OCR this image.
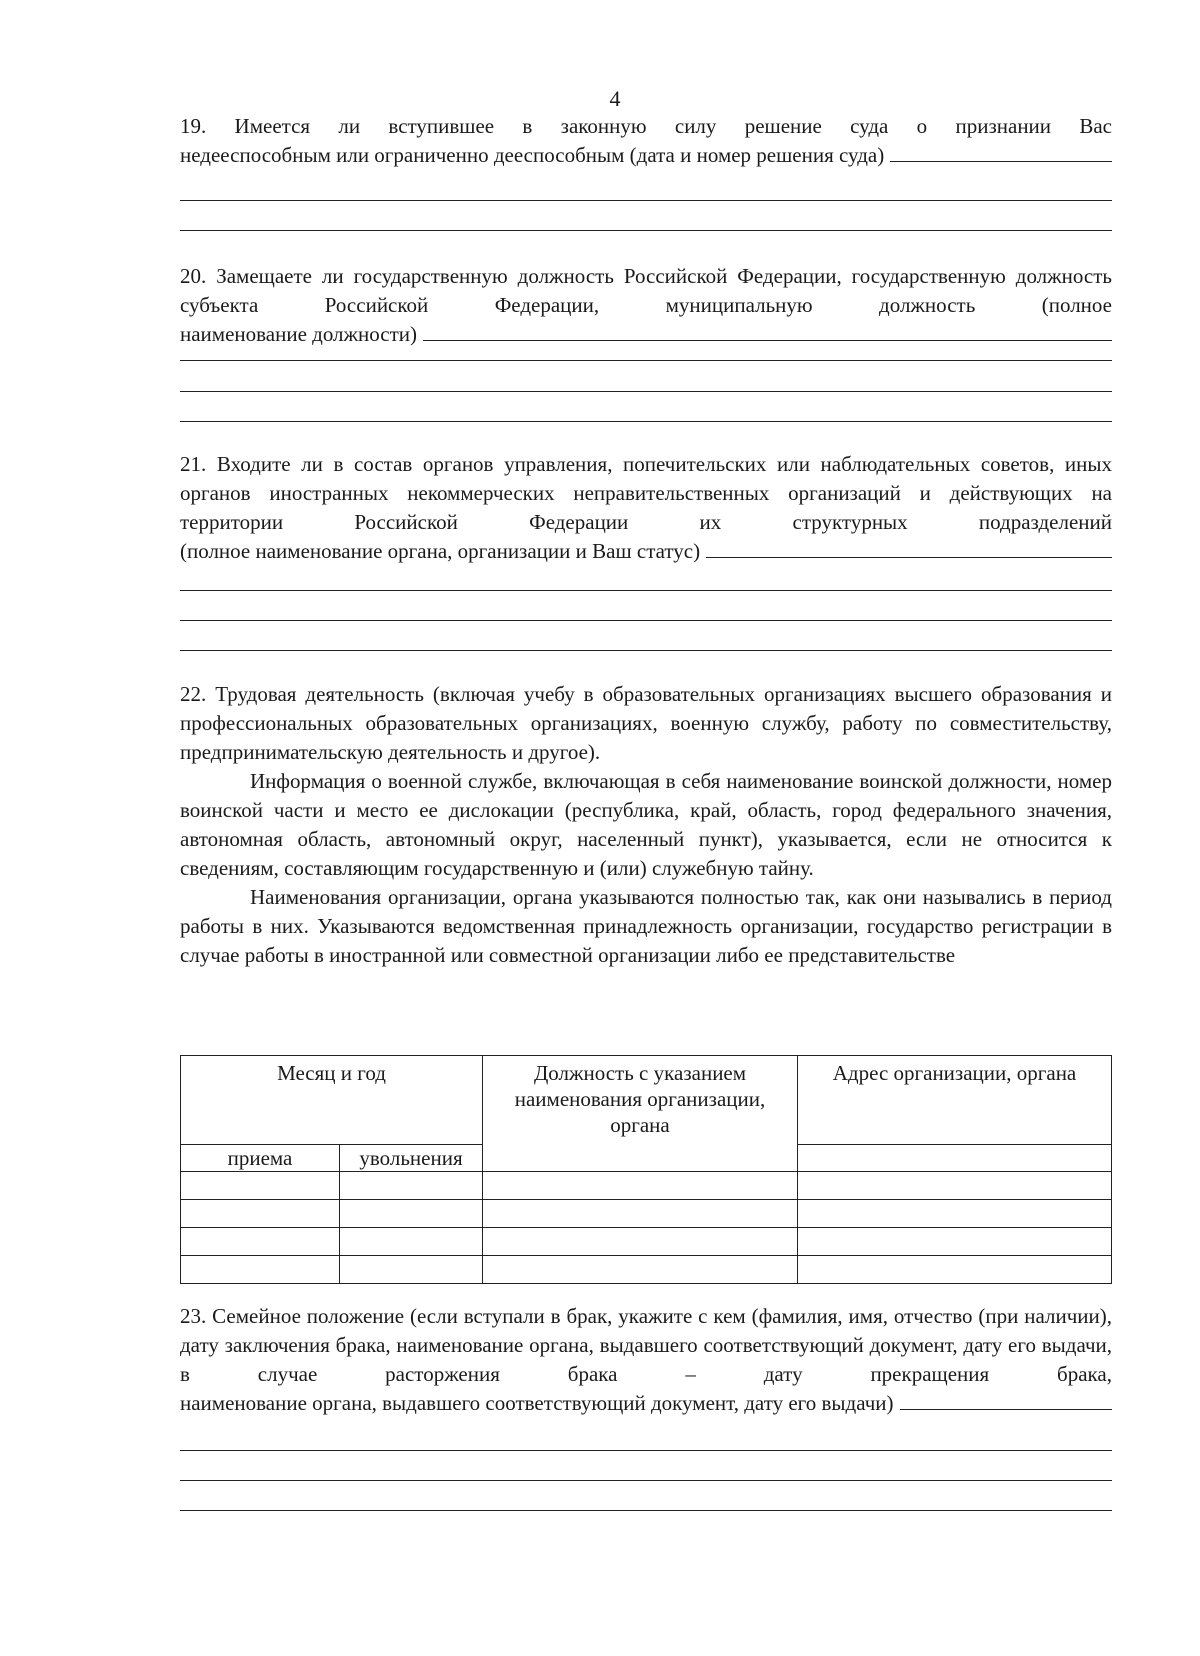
4
19. Имеется ли вступившее в законную силу решение суда о признании Вас
недееспособным или ограниченно дееспособным (дата и номер решения суда)
20. Замещаете ли государственную должность Российской Федерации, государственную должность субъекта Российской Федерации, муниципальную должность (полное
наименование должности)
21. Входите ли в состав органов управления, попечительских или наблюдательных советов, иных органов иностранных некоммерческих неправительственных организаций и действующих на территории Российской Федерации их структурных подразделений
(полное наименование органа, организации и Ваш статус)
22. Трудовая деятельность (включая учебу в образовательных организациях высшего образования и профессиональных образовательных организациях, военную службу, работу по совместительству, предпринимательскую деятельность и другое).
Информация о военной службе, включающая в себя наименование воинской должности, номер воинской части и место ее дислокации (республика, край, область, город федерального значения, автономная область, автономный округ, населенный пункт), указывается, если не относится к сведениям, составляющим государственную и (или) служебную тайну.
Наименования организации, органа указываются полностью так, как они назывались в период работы в них. Указываются ведомственная принадлежность организации, государство регистрации в случае работы в иностранной или совместной организации либо ее представительстве
Месяц и год		Должность с указанием наименования организации, органа	Адрес организации, органа
приема	увольнения		

23. Семейное положение (если вступали в брак, укажите с кем (фамилия, имя, отчество (при наличии), дату заключения брака, наименование органа, выдавшего соответствующий документ, дату его выдачи, в случае расторжения брака – дату прекращения брака,
наименование органа, выдавшего соответствующий документ, дату его выдачи)
